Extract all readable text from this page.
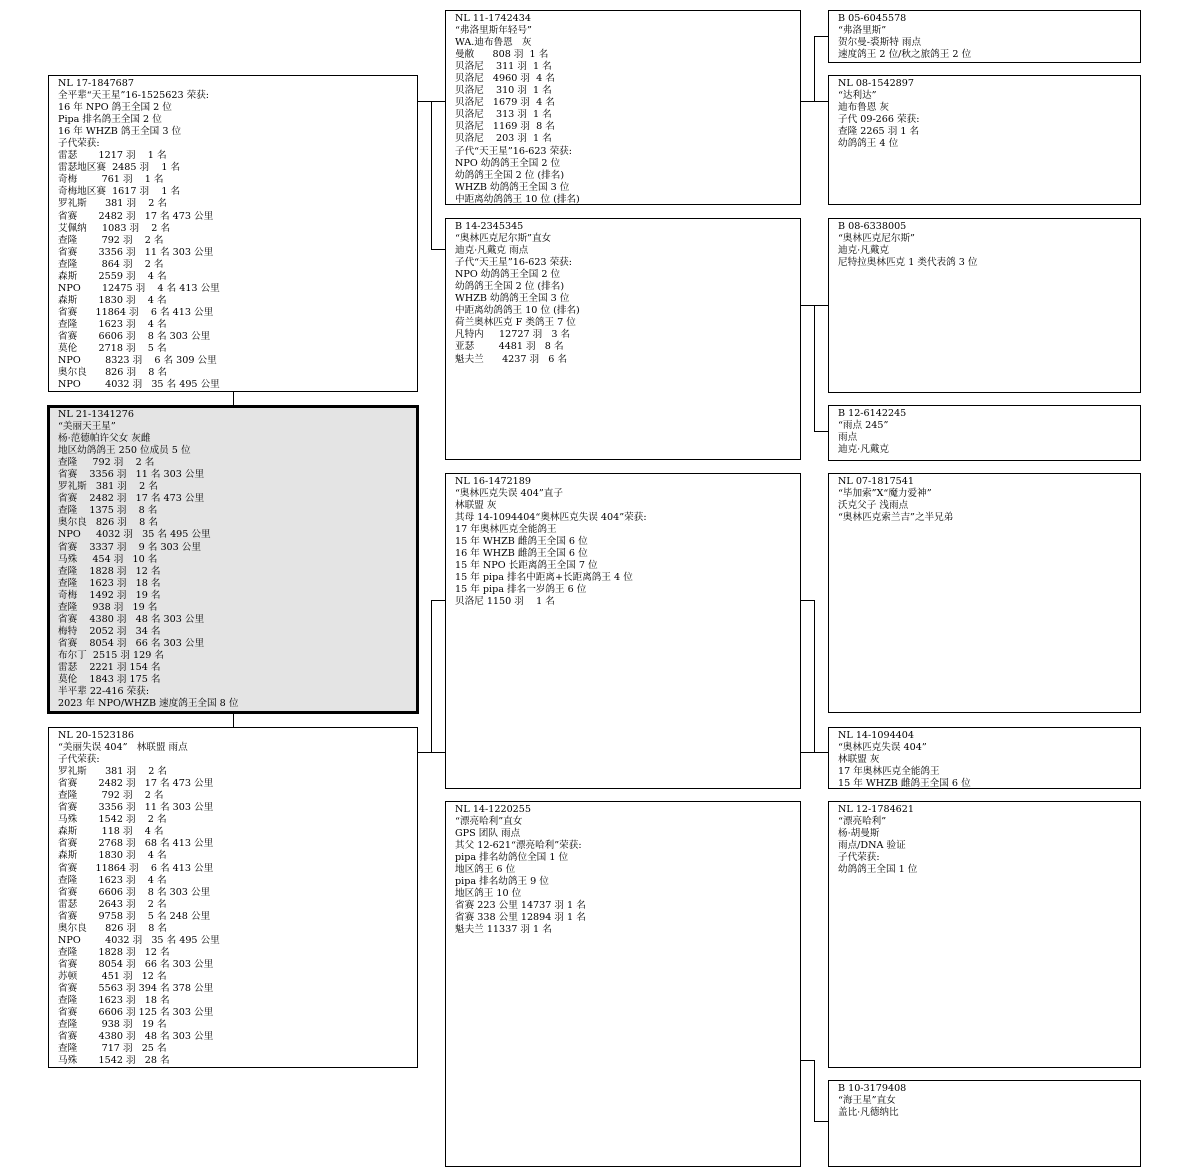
NL 17-1847687
全平辈“天王星”16-1525623 荣获:
16 年 NPO 鸽王全国 2 位
Pipa 排名鸽王全国 2 位
16 年 WHZB 鸽王全国 3 位
子代荣获:
雷瑟       1217 羽    1 名
雷瑟地区赛  2485 羽    1 名
奇梅        761 羽    1 名
奇梅地区赛  1617 羽    1 名
罗礼斯      381 羽    2 名
省赛       2482 羽   17 名 473 公里
艾佩纳     1083 羽    2 名
查隆        792 羽    2 名
省赛       3356 羽   11 名 303 公里
查隆        864 羽    2 名
森斯       2559 羽    4 名
NPO       12475 羽    4 名 413 公里
森斯       1830 羽    4 名
省赛      11864 羽    6 名 413 公里
查隆       1623 羽    4 名
省赛       6606 羽    8 名 303 公里
莫伦       2718 羽    5 名
NPO        8323 羽    6 名 309 公里
奥尔良      826 羽    8 名
NPO        4032 羽   35 名 495 公里
NL 21-1341276
“美丽天王星”
杨·范德帕许父女 灰雌
地区幼鸽鸽王 250 位成员 5 位
查隆     792 羽    2 名
省赛    3356 羽   11 名 303 公里
罗礼斯   381 羽    2 名
省赛    2482 羽   17 名 473 公里
查隆    1375 羽    8 名
奥尔良   826 羽    8 名
NPO     4032 羽   35 名 495 公里
省赛    3337 羽    9 名 303 公里
马殊     454 羽   10 名
查隆    1828 羽   12 名
查隆    1623 羽   18 名
奇梅    1492 羽   19 名
查隆     938 羽   19 名
省赛    4380 羽   48 名 303 公里
梅特    2052 羽   34 名
省赛    8054 羽   66 名 303 公里
布尔丁  2515 羽 129 名
雷瑟    2221 羽 154 名
莫伦    1843 羽 175 名
半平辈 22-416 荣获:
2023 年 NPO/WHZB 速度鸽王全国 8 位
NL 20-1523186
“美丽失误 404”   林联盟 雨点
子代荣获:
罗礼斯      381 羽    2 名
省赛       2482 羽   17 名 473 公里
查隆        792 羽    2 名
省赛       3356 羽   11 名 303 公里
马殊       1542 羽    2 名
森斯        118 羽    4 名
省赛       2768 羽   68 名 413 公里
森斯       1830 羽    4 名
省赛      11864 羽    6 名 413 公里
查隆       1623 羽    4 名
省赛       6606 羽    8 名 303 公里
雷瑟       2643 羽    2 名
省赛       9758 羽    5 名 248 公里
奥尔良      826 羽    8 名
NPO        4032 羽   35 名 495 公里
查隆       1828 羽   12 名
省赛       8054 羽   66 名 303 公里
苏顿        451 羽   12 名
省赛       5563 羽 394 名 378 公里
查隆       1623 羽   18 名
省赛       6606 羽 125 名 303 公里
查隆        938 羽   19 名
省赛       4380 羽   48 名 303 公里
查隆        717 羽   25 名
马殊       1542 羽   28 名
NL 11-1742434
“弗洛里斯年轻号”
WA.迪布鲁恩   灰
曼敝      808 羽  1 名
贝洛尼    311 羽  1 名
贝洛尼   4960 羽  4 名
贝洛尼    310 羽  1 名
贝洛尼   1679 羽  4 名
贝洛尼    313 羽  1 名
贝洛尼   1169 羽  8 名
贝洛尼    203 羽  1 名
子代“天王星”16-623 荣获:
NPO 幼鸽鸽王全国 2 位
幼鸽鸽王全国 2 位 (排名)
WHZB 幼鸽鸽王全国 3 位
中距离幼鸽鸽王 10 位 (排名)
B 14-2345345
“奥林匹克尼尔斯”直女
迪克·凡戴克 雨点
子代“天王星”16-623 荣获:
NPO 幼鸽鸽王全国 2 位
幼鸽鸽王全国 2 位 (排名)
WHZB 幼鸽鸽王全国 3 位
中距离幼鸽鸽王 10 位 (排名)
荷兰奥林匹克 F 类鸽王 7 位
凡特内     12727 羽   3 名
亚瑟        4481 羽   8 名
魁夫兰      4237 羽   6 名
NL 16-1472189
“奥林匹克失误 404”直子
林联盟 灰
其母 14-1094404“奥林匹克失误 404”荣获:
17 年奥林匹克全能鸽王
15 年 WHZB 雌鸽王全国 6 位
16 年 WHZB 雌鸽王全国 6 位
15 年 NPO 长距离鸽王全国 7 位
15 年 pipa 排名中距离+长距离鸽王 4 位
15 年 pipa 排名一岁鸽王 6 位
贝洛尼 1150 羽    1 名
NL 14-1220255
“漂亮哈利”直女
GPS 团队 雨点
其父 12-621“漂亮哈利”荣获:
pipa 排名幼鸽位全国 1 位
地区鸽王 6 位
pipa 排名幼鸽王 9 位
地区鸽王 10 位
省赛 223 公里 14737 羽 1 名
省赛 338 公里 12894 羽 1 名
魁夫兰 11337 羽 1 名
B 05-6045578
“弗洛里斯”
贺尔曼-裘斯特 雨点
速度鸽王 2 位/秋之旅鸽王 2 位
NL 08-1542897
“达利达”
迪布鲁恩 灰
子代 09-266 荣获:
查隆 2265 羽 1 名
幼鸽鸽王 4 位
B 08-6338005
“奥林匹克尼尔斯”
迪克·凡戴克
尼特拉奥林匹克 1 类代表鸽 3 位
B 12-6142245
“雨点 245”
雨点
迪克·凡戴克
NL 07-1817541
“毕加索”X“魔力爱神”
沃克父子 浅雨点
“奥林匹克索兰吉”之半兄弟
NL 14-1094404
“奥林匹克失误 404”
林联盟 灰
17 年奥林匹克全能鸽王
15 年 WHZB 雌鸽王全国 6 位
NL 12-1784621
“漂亮哈利”
杨·胡曼斯
雨点/DNA 验证
子代荣获:
幼鸽鸽王全国 1 位
B 10-3179408
“海王星”直女
盖比·凡德纳比
